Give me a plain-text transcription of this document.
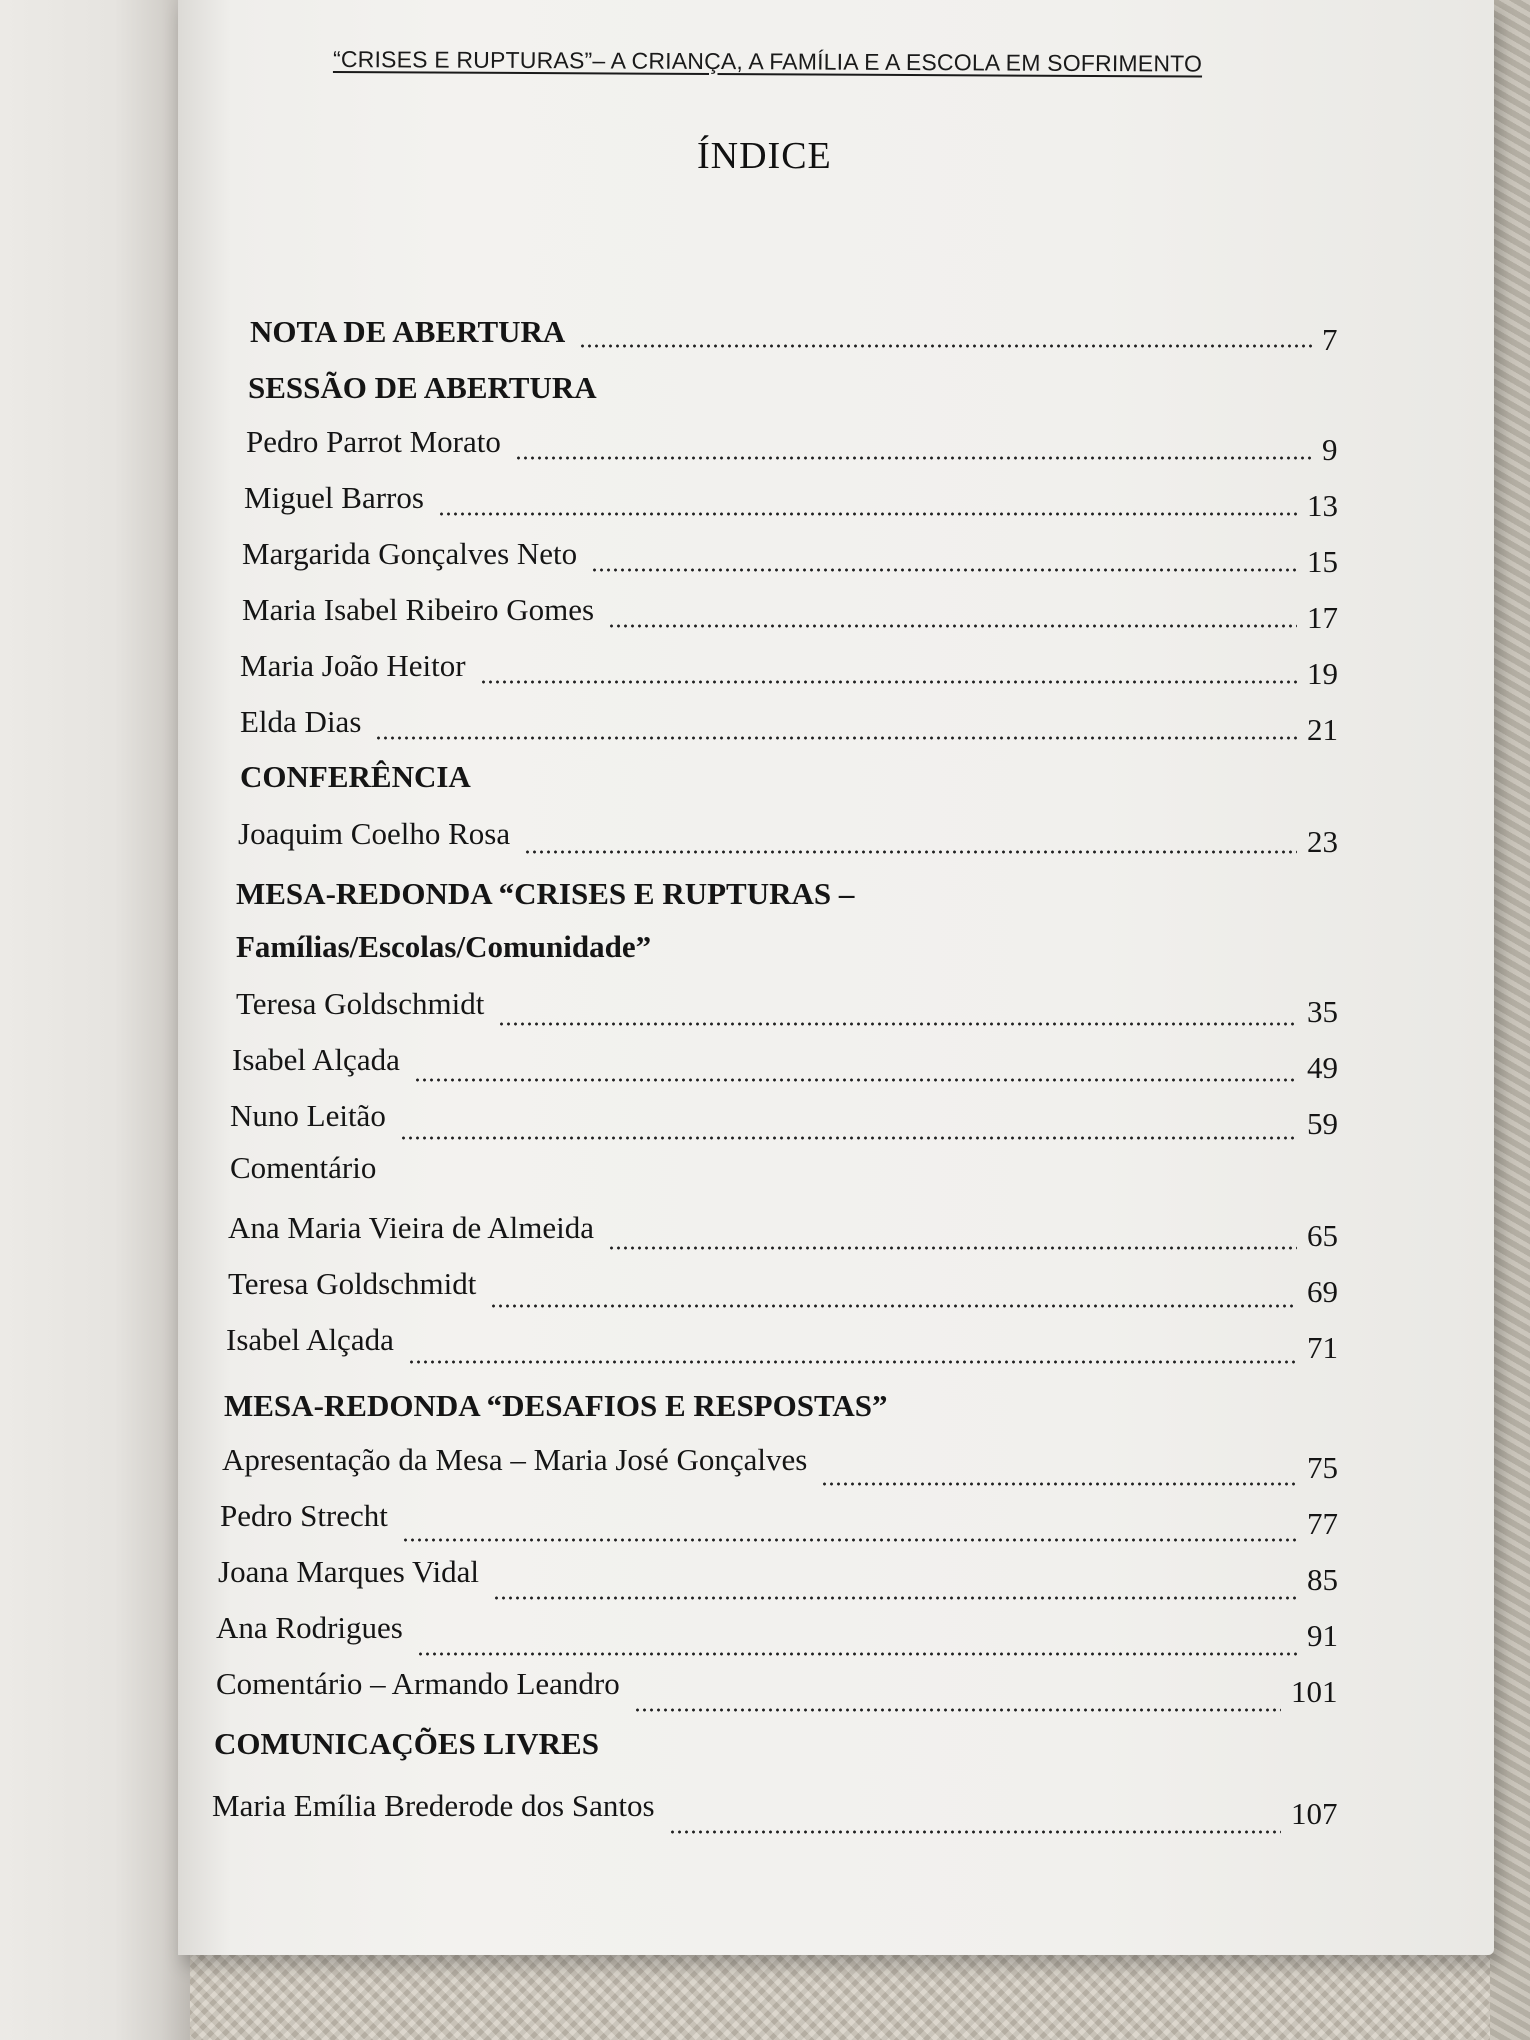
“CRISES E RUPTURAS”– A CRIANÇA, A FAMÍLIA E A ESCOLA EM SOFRIMENTO
ÍNDICE
NOTA DE ABERTURA	7
SESSÃO DE ABERTURA
Pedro Parrot Morato	9
Miguel Barros	13
Margarida Gonçalves Neto	15
Maria Isabel Ribeiro Gomes	17
Maria João Heitor	19
Elda Dias	21
CONFERÊNCIA
Joaquim Coelho Rosa	23
MESA-REDONDA “CRISES E RUPTURAS –
Famílias/Escolas/Comunidade”
Teresa Goldschmidt	35
Isabel Alçada	49
Nuno Leitão	59
Comentário
Ana Maria Vieira de Almeida	65
Teresa Goldschmidt	69
Isabel Alçada	71
MESA-REDONDA “DESAFIOS E RESPOSTAS”
Apresentação da Mesa – Maria José Gonçalves	75
Pedro Strecht	77
Joana Marques Vidal	85
Ana Rodrigues	91
Comentário – Armando Leandro	101
COMUNICAÇÕES LIVRES
Maria Emília Brederode dos Santos	107
